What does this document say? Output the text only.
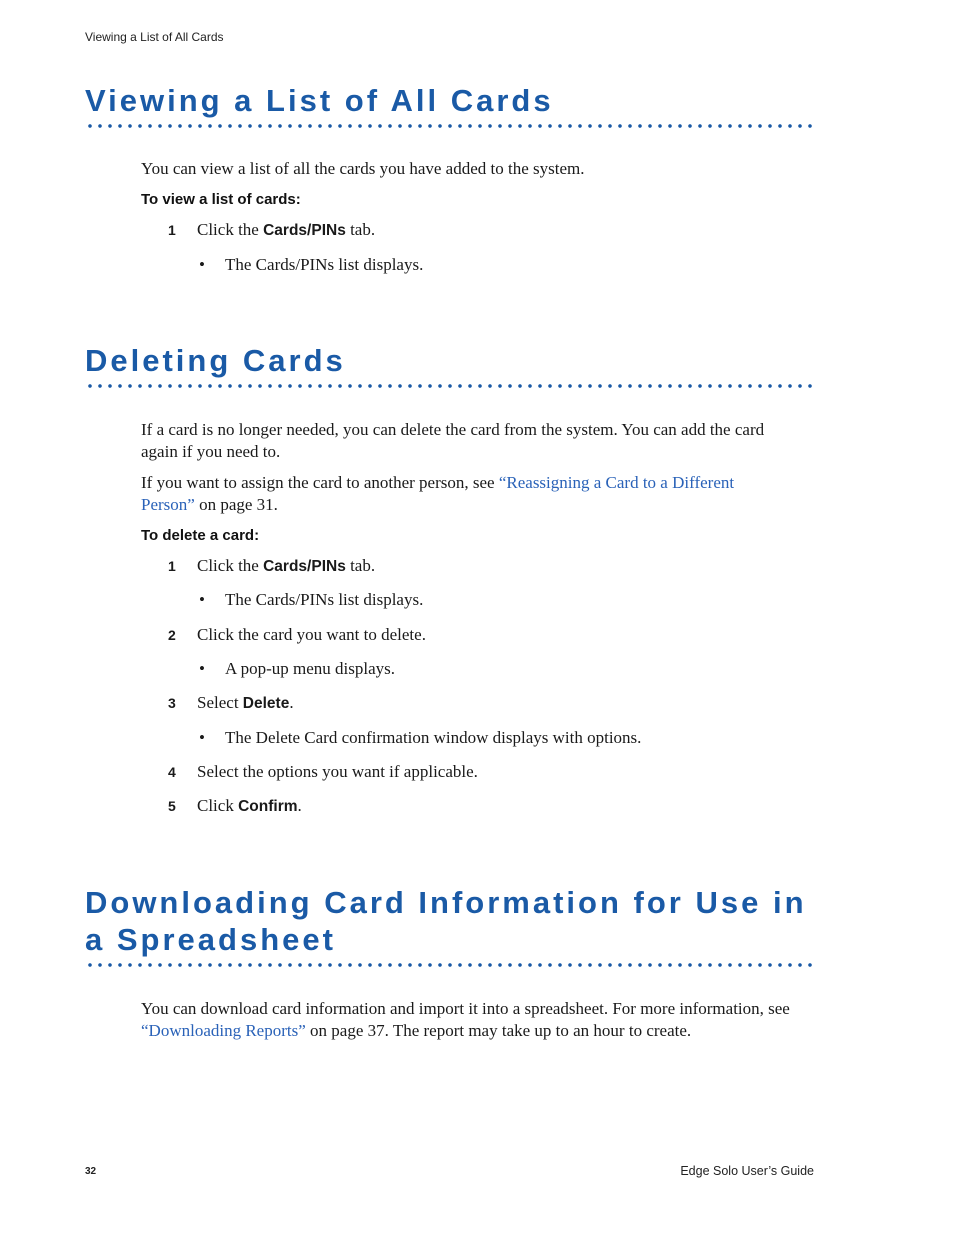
Viewing a List of All Cards
Viewing a List of All Cards

You can view a list of all the cards you have added to the system.

To view a list of cards:
1 Click the Cards/PINs tab.
• The Cards/PINs list displays.
Deleting Cards

If a card is no longer needed, you can delete the card from the system. You can add the card again if you need to.

If you want to assign the card to another person, see “Reassigning a Card to a Different Person” on page 31.

To delete a card:
1 Click the Cards/PINs tab.
• The Cards/PINs list displays.
2 Click the card you want to delete.
• A pop-up menu displays.
3 Select Delete.
• The Delete Card confirmation window displays with options.
4 Select the options you want if applicable.
5 Click Confirm.
Downloading Card Information for Use in
a Spreadsheet

You can download card information and import it into a spreadsheet. For more information, see “Downloading Reports” on page 37. The report may take up to an hour to create.

32	Edge Solo User’s Guide
